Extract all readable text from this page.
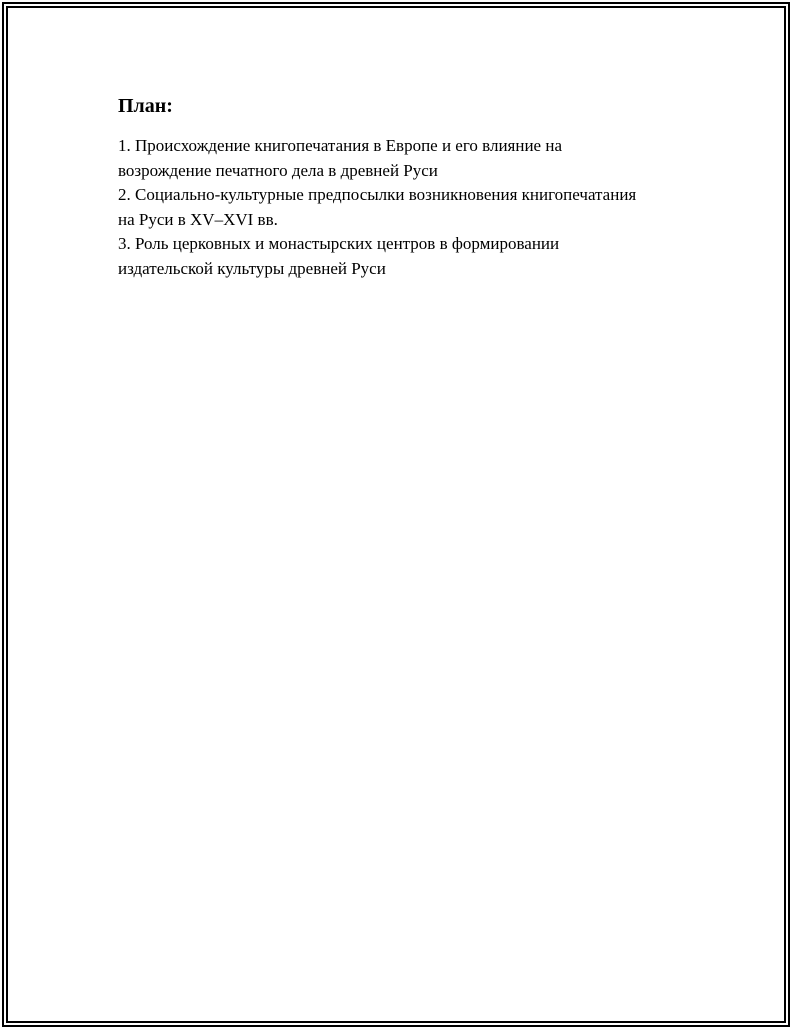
План:
1. Происхождение книгопечатания в Европе и его влияние на
возрождение печатного дела в древней Руси
2. Социально-культурные предпосылки возникновения книгопечатания
на Руси в XV–XVI вв.
3. Роль церковных и монастырских центров в формировании
издательской культуры древней Руси
